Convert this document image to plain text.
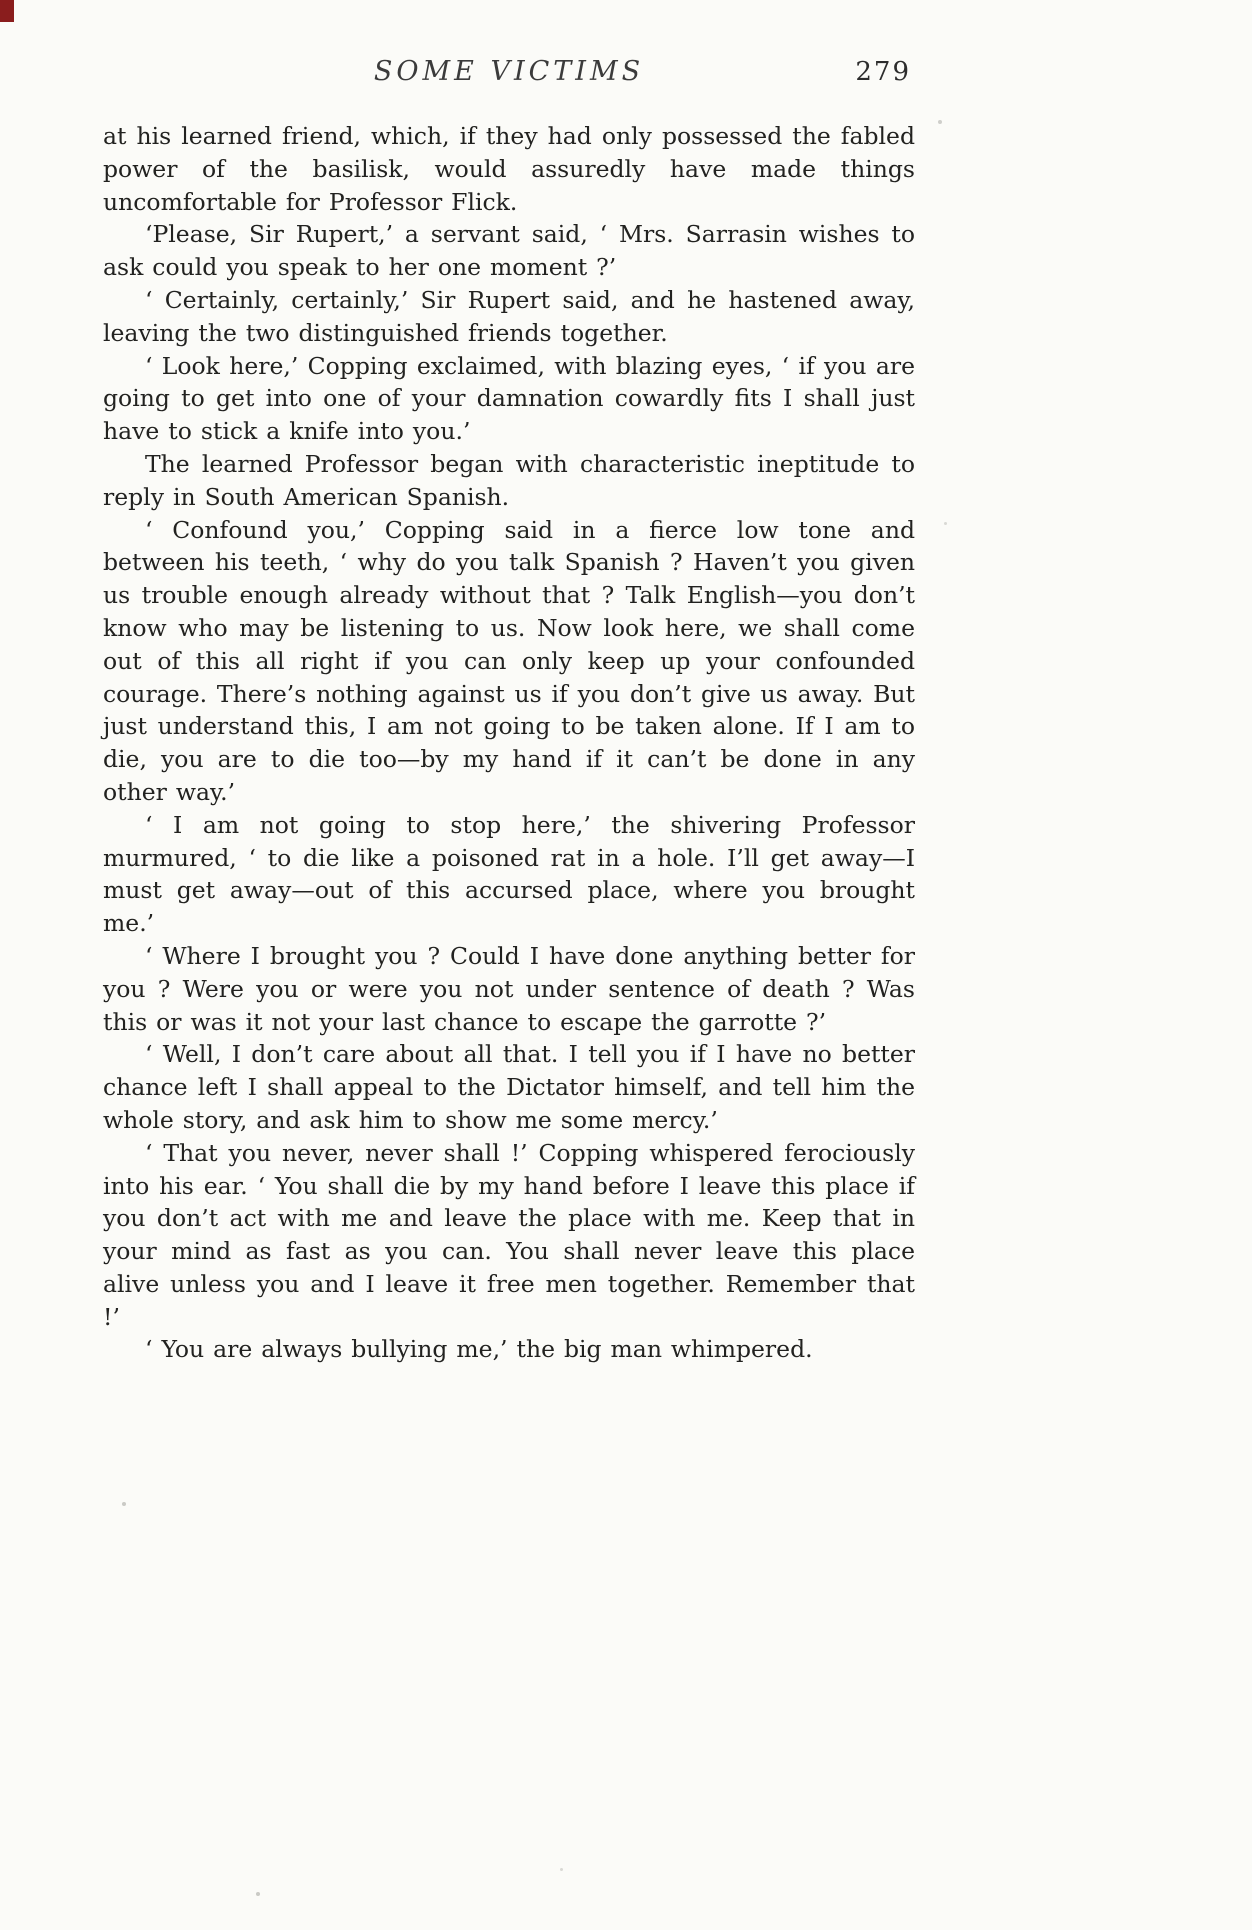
SOME VICTIMS	279

at his learned friend, which, if they had only possessed the fabled power of the basilisk, would assuredly have made things uncomfortable for Professor Flick.

‘Please, Sir Rupert,’ a servant said, ‘ Mrs. Sarrasin wishes to ask could you speak to her one moment ?’

‘ Certainly, certainly,’ Sir Rupert said, and he hastened away, leaving the two distinguished friends together.

‘ Look here,’ Copping exclaimed, with blazing eyes, ‘ if you are going to get into one of your damnation cowardly fits I shall just have to stick a knife into you.’

The learned Professor began with characteristic ineptitude to reply in South American Spanish.

‘ Confound you,’ Copping said in a fierce low tone and between his teeth, ‘ why do you talk Spanish ? Haven’t you given us trouble enough already without that ? Talk English—you don’t know who may be listening to us. Now look here, we shall come out of this all right if you can only keep up your confounded courage. There’s nothing against us if you don’t give us away. But just understand this, I am not going to be taken alone. If I am to die, you are to die too—by my hand if it can’t be done in any other way.’

‘ I am not going to stop here,’ the shivering Professor murmured, ‘ to die like a poisoned rat in a hole. I’ll get away—I must get away—out of this accursed place, where you brought me.’

‘ Where I brought you ? Could I have done anything better for you ? Were you or were you not under sentence of death ? Was this or was it not your last chance to escape the garrotte ?’

‘ Well, I don’t care about all that. I tell you if I have no better chance left I shall appeal to the Dictator himself, and tell him the whole story, and ask him to show me some mercy.’

‘ That you never, never shall !’ Copping whispered ferociously into his ear. ‘ You shall die by my hand before I leave this place if you don’t act with me and leave the place with me. Keep that in your mind as fast as you can. You shall never leave this place alive unless you and I leave it free men together. Remember that !’

‘ You are always bullying me,’ the big man whimpered.
